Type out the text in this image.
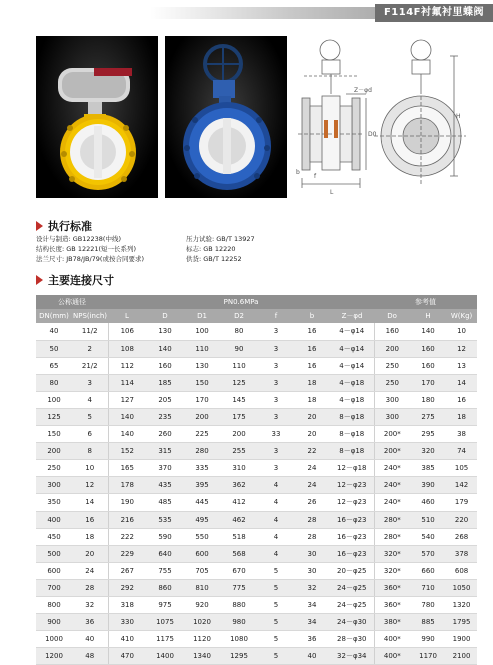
F114F衬氟衬里蝶阀
Z－φd
D0
H
L
b
f
执行标准
设计与制造: GB12238(中线)
结构长度: GB 12221(短一长系列)
法兰尺寸: JB78/JB/79(或按合同要求)
压力试验: GB/T 13927
标志: GB 12220
供货: GB/T 12252
主要连接尺寸
公称通径		PN0.6MPa							参考值		
DN(mm)	NPS(inch)	L	D	D1	D2	f	b	Z－φd	Do	H	W(Kg)
40	11/2	106	130	100	80	3	16	4－φ14	160	140	10
50	2	108	140	110	90	3	16	4－φ14	200	160	12
65	21/2	112	160	130	110	3	16	4－φ14	250	160	13
80	3	114	185	150	125	3	18	4－φ18	250	170	14
100	4	127	205	170	145	3	18	4－φ18	300	180	16
125	5	140	235	200	175	3	20	8－φ18	300	275	18
150	6	140	260	225	200	33	20	8－φ18	200*	295	38
200	8	152	315	280	255	3	22	8－φ18	200*	320	74
250	10	165	370	335	310	3	24	12－φ18	240*	385	105
300	12	178	435	395	362	4	24	12－φ23	240*	390	142
350	14	190	485	445	412	4	26	12－φ23	240*	460	179
400	16	216	535	495	462	4	28	16－φ23	280*	510	220
450	18	222	590	550	518	4	28	16－φ23	280*	540	268
500	20	229	640	600	568	4	30	16－φ23	320*	570	378
600	24	267	755	705	670	5	30	20－φ25	320*	660	608
700	28	292	860	810	775	5	32	24－φ25	360*	710	1050
800	32	318	975	920	880	5	34	24－φ25	360*	780	1320
900	36	330	1075	1020	980	5	34	24－φ30	380*	885	1795
1000	40	410	1175	1120	1080	5	36	28－φ30	400*	990	1900
1200	48	470	1400	1340	1295	5	40	32－φ34	400*	1170	2100
